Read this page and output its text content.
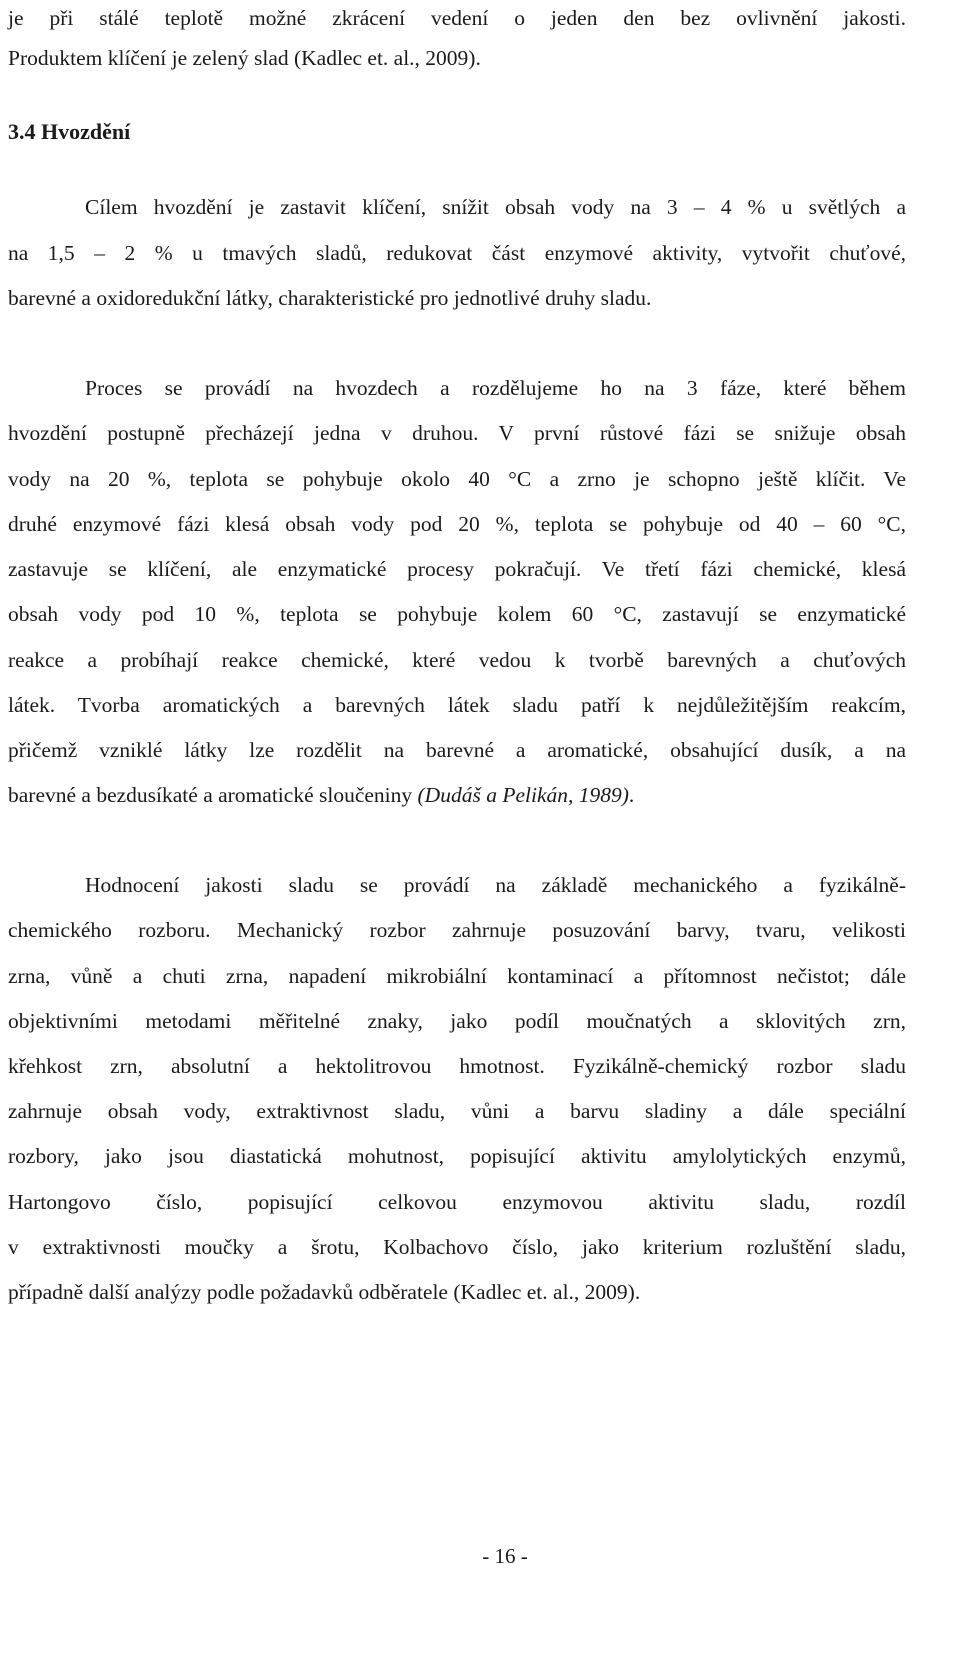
je při stálé teplotě možné zkrácení vedení o jeden den bez ovlivnění jakosti.
Produktem klíčení je zelený slad (Kadlec et. al., 2009).
3.4 Hvozdění
Cílem hvozdění je zastavit klíčení, snížit obsah vody na 3 – 4 % u světlých a
na 1,5 – 2 % u tmavých sladů, redukovat část enzymové aktivity, vytvořit chuťové,
barevné a oxidoredukční látky, charakteristické pro jednotlivé druhy sladu.
Proces se provádí na hvozdech a rozdělujeme ho na 3 fáze, které během
hvozdění postupně přecházejí jedna v druhou. V první růstové fázi se snižuje obsah
vody na 20 %, teplota se pohybuje okolo 40 °C a zrno je schopno ještě klíčit. Ve
druhé enzymové fázi klesá obsah vody pod 20 %, teplota se pohybuje od 40 – 60 °C,
zastavuje se klíčení, ale enzymatické procesy pokračují. Ve třetí fázi chemické, klesá
obsah vody pod 10 %, teplota se pohybuje kolem 60 °C, zastavují se enzymatické
reakce a probíhají reakce chemické, které vedou k tvorbě barevných a chuťových
látek. Tvorba aromatických a barevných látek sladu patří k nejdůležitějším reakcím,
přičemž vzniklé látky lze rozdělit na barevné a aromatické, obsahující dusík, a na
barevné a bezdusíkaté a aromatické sloučeniny (Dudáš a Pelikán, 1989).
Hodnocení jakosti sladu se provádí na základě mechanického a fyzikálně-
chemického rozboru. Mechanický rozbor zahrnuje posuzování barvy, tvaru, velikosti
zrna, vůně a chuti zrna, napadení mikrobiální kontaminací a přítomnost nečistot; dále
objektivními metodami měřitelné znaky, jako podíl moučnatých a sklovitých zrn,
křehkost zrn, absolutní a hektolitrovou hmotnost. Fyzikálně-chemický rozbor sladu
zahrnuje obsah vody, extraktivnost sladu, vůni a barvu sladiny a dále speciální
rozbory, jako jsou diastatická mohutnost, popisující aktivitu amylolytických enzymů,
Hartongovo číslo, popisující celkovou enzymovou aktivitu sladu, rozdíl
v extraktivnosti moučky a šrotu, Kolbachovo číslo, jako kriterium rozluštění sladu,
případně další analýzy podle požadavků odběratele (Kadlec et. al., 2009).
- 16 -
